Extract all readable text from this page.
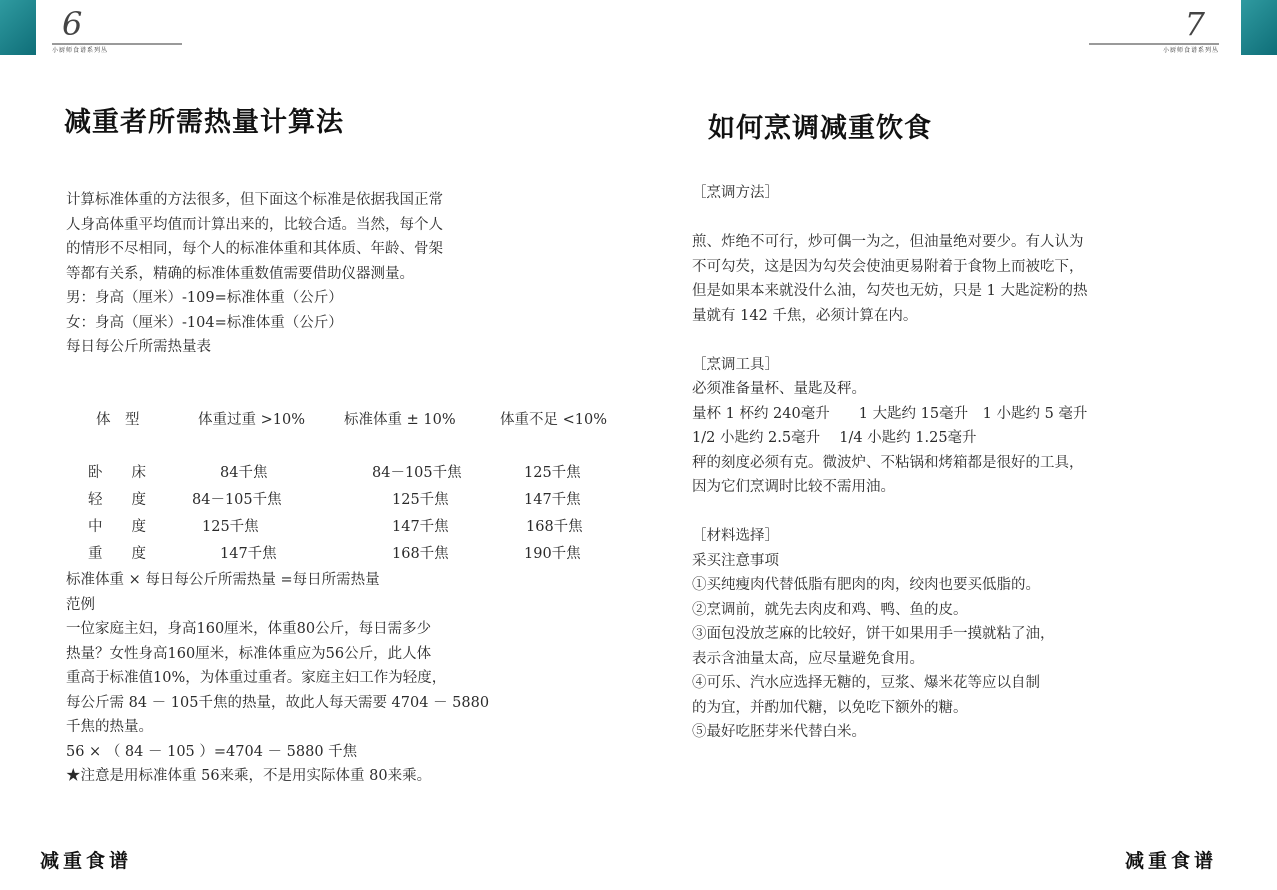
6
小厨师食谱系列丛
7
小厨师食谱系列丛
减重者所需热量计算法	如何烹调减重饮食
计算标准体重的方法很多，但下面这个标准是依据我国正常
人身高体重平均值而计算出来的，比较合适。当然，每个人
的情形不尽相同，每个人的标准体重和其体质、年龄、骨架
等都有关系，精确的标准体重数值需要借助仪器测量。
男：身高（厘米）-109=标准体重（公斤）
女：身高（厘米）-104=标准体重（公斤）
每日每公斤所需热量表
体　型	体重过重 >10%	标准体重 ± 10%	体重不足 <10%
卧　　床	84千焦	84－105千焦	125千焦
轻　　度	84－105千焦	125千焦	147千焦
中　　度	125千焦	147千焦	168千焦
重　　度	147千焦	168千焦	190千焦
标准体重 × 每日每公斤所需热量 =每日所需热量
范例
一位家庭主妇，身高160厘米，体重80公斤，每日需多少
热量？女性身高160厘米，标准体重应为56公斤，此人体
重高于标准值10%，为体重过重者。家庭主妇工作为轻度，
每公斤需 84 － 105千焦的热量，故此人每天需要 4704 － 5880
千焦的热量。
56 × （ 84 － 105 ）=4704 － 5880 千焦
★注意是用标准体重 56来乘，不是用实际体重 80来乘。
［烹调方法］
煎、炸绝不可行，炒可偶一为之，但油量绝对要少。有人认为
不可勾芡，这是因为勾芡会使油更易附着于食物上而被吃下，
但是如果本来就没什么油，勾芡也无妨，只是 1 大匙淀粉的热
量就有 142 千焦，必须计算在内。
［烹调工具］
必须准备量杯、量匙及秤。
量杯 1 杯约 240毫升　　1 大匙约 15毫升　1 小匙约 5 毫升
1/2 小匙约 2.5毫升　 1/4 小匙约 1.25毫升
秤的刻度必须有克。微波炉、不粘锅和烤箱都是很好的工具，
因为它们烹调时比较不需用油。
［材料选择］
采买注意事项
①买纯瘦肉代替低脂有肥肉的肉，绞肉也要买低脂的。
②烹调前，就先去肉皮和鸡、鸭、鱼的皮。
③面包没放芝麻的比较好，饼干如果用手一摸就粘了油，
表示含油量太高，应尽量避免食用。
④可乐、汽水应选择无糖的，豆浆、爆米花等应以自制
的为宜，并酌加代糖，以免吃下额外的糖。
⑤最好吃胚芽米代替白米。
减重食谱	减重食谱
